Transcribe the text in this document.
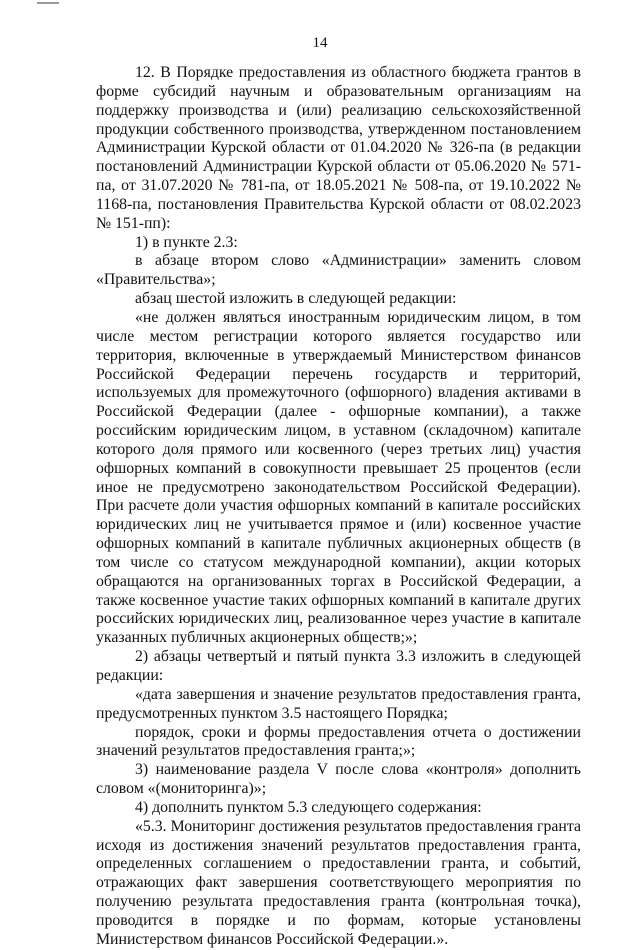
14

12. В Порядке предоставления из областного бюджета грантов в форме субсидий научным и образовательным организациям на поддержку производства и (или) реализацию сельскохозяйственной продукции собственного производства, утвержденном постановлением Администрации Курской области от 01.04.2020 № 326-па (в редакции постановлений Администрации Курской области от 05.06.2020 № 571-па, от 31.07.2020 № 781-па, от 18.05.2021 № 508-па, от 19.10.2022 № 1168-па, постановления Правительства Курской области от 08.02.2023 № 151-пп):

1) в пункте 2.3:

в абзаце втором слово «Администрации» заменить словом «Правительства»;

абзац шестой изложить в следующей редакции:

«не должен являться иностранным юридическим лицом, в том числе местом регистрации которого является государство или территория, включенные в утверждаемый Министерством финансов Российской Федерации перечень государств и территорий, используемых для промежуточного (офшорного) владения активами в Российской Федерации (далее - офшорные компании), а также российским юридическим лицом, в уставном (складочном) капитале которого доля прямого или косвенного (через третьих лиц) участия офшорных компаний в совокупности превышает 25 процентов (если иное не предусмотрено законодательством Российской Федерации). При расчете доли участия офшорных компаний в капитале российских юридических лиц не учитывается прямое и (или) косвенное участие офшорных компаний в капитале публичных акционерных обществ (в том числе со статусом международной компании), акции которых обращаются на организованных торгах в Российской Федерации, а также косвенное участие таких офшорных компаний в капитале других российских юридических лиц, реализованное через участие в капитале указанных публичных акционерных обществ;»;

2) абзацы четвертый и пятый пункта 3.3 изложить в следующей редакции:

«дата завершения и значение результатов предоставления гранта, предусмотренных пунктом 3.5 настоящего Порядка;

порядок, сроки и формы предоставления отчета о достижении значений результатов предоставления гранта;»;

3) наименование раздела V после слова «контроля» дополнить словом «(мониторинга)»;

4) дополнить пунктом 5.3 следующего содержания:

«5.3. Мониторинг достижения результатов предоставления гранта исходя из достижения значений результатов предоставления гранта, определенных соглашением о предоставлении гранта, и событий, отражающих факт завершения соответствующего мероприятия по получению результата предоставления гранта (контрольная точка), проводится в порядке и по формам, которые установлены Министерством финансов Российской Федерации.».
